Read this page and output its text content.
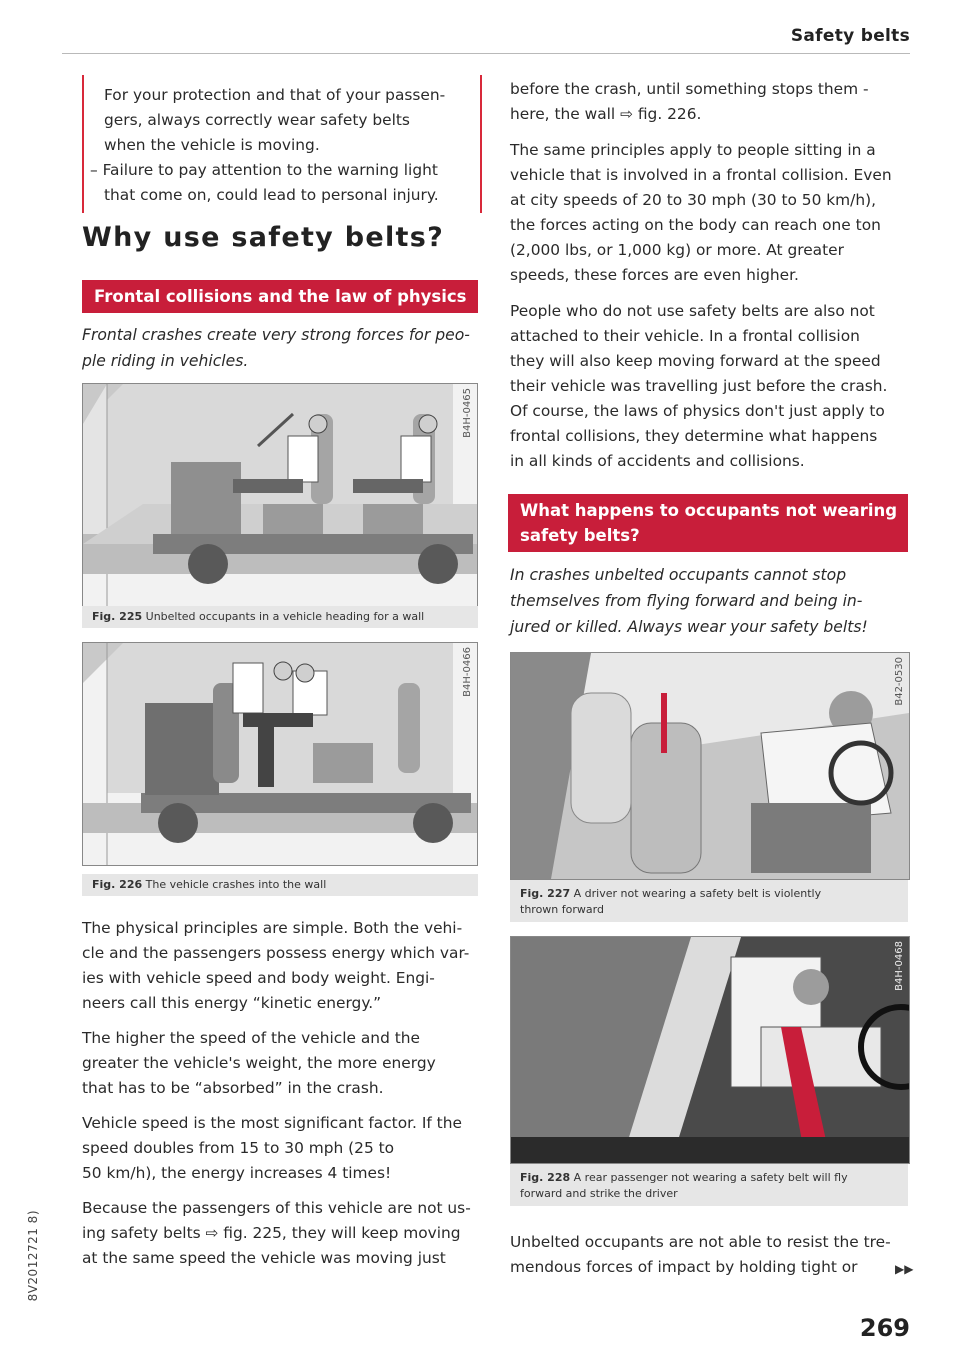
Safety belts
For your protection and that of your passen-
gers, always correctly wear safety belts
when the vehicle is moving.
– Failure to pay attention to the warning light
that come on, could lead to personal injury.
Why use safety belts?
Frontal collisions and the law of physics
Frontal crashes create very strong forces for peo-
ple riding in vehicles.
B4H-0465
Fig. 225 Unbelted occupants in a vehicle heading for a wall
B4H-0466
Fig. 226 The vehicle crashes into the wall
The physical principles are simple. Both the vehi-
cle and the passengers possess energy which var-
ies with vehicle speed and body weight. Engi-
neers call this energy “kinetic energy.”
The higher the speed of the vehicle and the
greater the vehicle's weight, the more energy
that has to be “absorbed” in the crash.
Vehicle speed is the most significant factor. If the
speed doubles from 15 to 30 mph (25 to
50 km/h), the energy increases 4 times!
Because the passengers of this vehicle are not us-
ing safety belts ⇨ fig. 225, they will keep moving
at the same speed the vehicle was moving just
before the crash, until something stops them -
here, the wall ⇨ fig. 226.
The same principles apply to people sitting in a
vehicle that is involved in a frontal collision. Even
at city speeds of 20 to 30 mph (30 to 50 km/h),
the forces acting on the body can reach one ton
(2,000 lbs, or 1,000 kg) or more. At greater
speeds, these forces are even higher.
People who do not use safety belts are also not
attached to their vehicle. In a frontal collision
they will also keep moving forward at the speed
their vehicle was travelling just before the crash.
Of course, the laws of physics don't just apply to
frontal collisions, they determine what happens
in all kinds of accidents and collisions.
What happens to occupants not wearing
safety belts?
In crashes unbelted occupants cannot stop
themselves from flying forward and being in-
jured or killed. Always wear your safety belts!
B42-0530
Fig. 227 A driver not wearing a safety belt is violently
thrown forward
B4H-0468
Fig. 228 A rear passenger not wearing a safety belt will fly
forward and strike the driver
Unbelted occupants are not able to resist the tre-
mendous forces of impact by holding tight or	▶▶
8V2012721 8)
269
